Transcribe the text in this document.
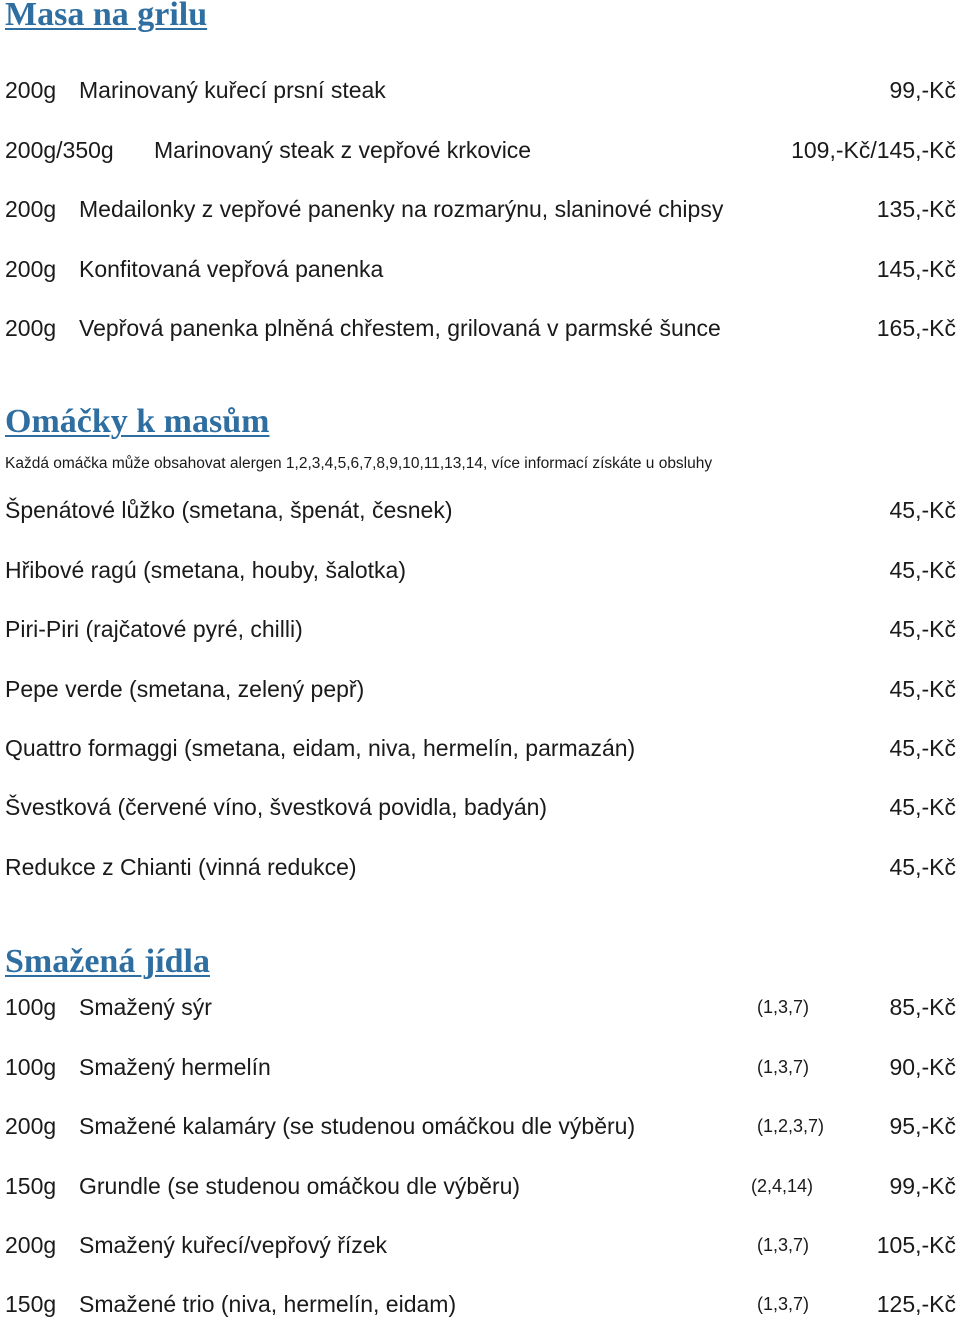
Masa na grilu
200g Marinovaný kuřecí prsní steak	99,-Kč
200g/350g Marinovaný steak z vepřové krkovice	109,-Kč/145,-Kč
200g Medailonky z vepřové panenky na rozmarýnu, slaninové chipsy	135,-Kč
200g Konfitovaná vepřová panenka	145,-Kč
200g Vepřová panenka plněná chřestem, grilovaná v parmské šunce	165,-Kč
Omáčky k masům
Každá omáčka může obsahovat alergen 1,2,3,4,5,6,7,8,9,10,11,13,14, více informací získáte u obsluhy
Špenátové lůžko (smetana, špenát, česnek)	45,-Kč
Hřibové ragú (smetana, houby, šalotka)	45,-Kč
Piri-Piri (rajčatové pyré, chilli)	45,-Kč
Pepe verde (smetana, zelený pepř)	45,-Kč
Quattro formaggi (smetana, eidam, niva, hermelín, parmazán)	45,-Kč
Švestková (červené víno, švestková povidla, badyán)	45,-Kč
Redukce z Chianti (vinná redukce)	45,-Kč
Smažená jídla
100g Smažený sýr	(1,3,7)	85,-Kč
100g Smažený hermelín	(1,3,7)	90,-Kč
200g Smažené kalamáry (se studenou omáčkou dle výběru)	(1,2,3,7)	95,-Kč
150g Grundle (se studenou omáčkou dle výběru)	(2,4,14)	99,-Kč
200g Smažený kuřecí/vepřový řízek	(1,3,7)	105,-Kč
150g Smažené trio (niva, hermelín, eidam)	(1,3,7)	125,-Kč
